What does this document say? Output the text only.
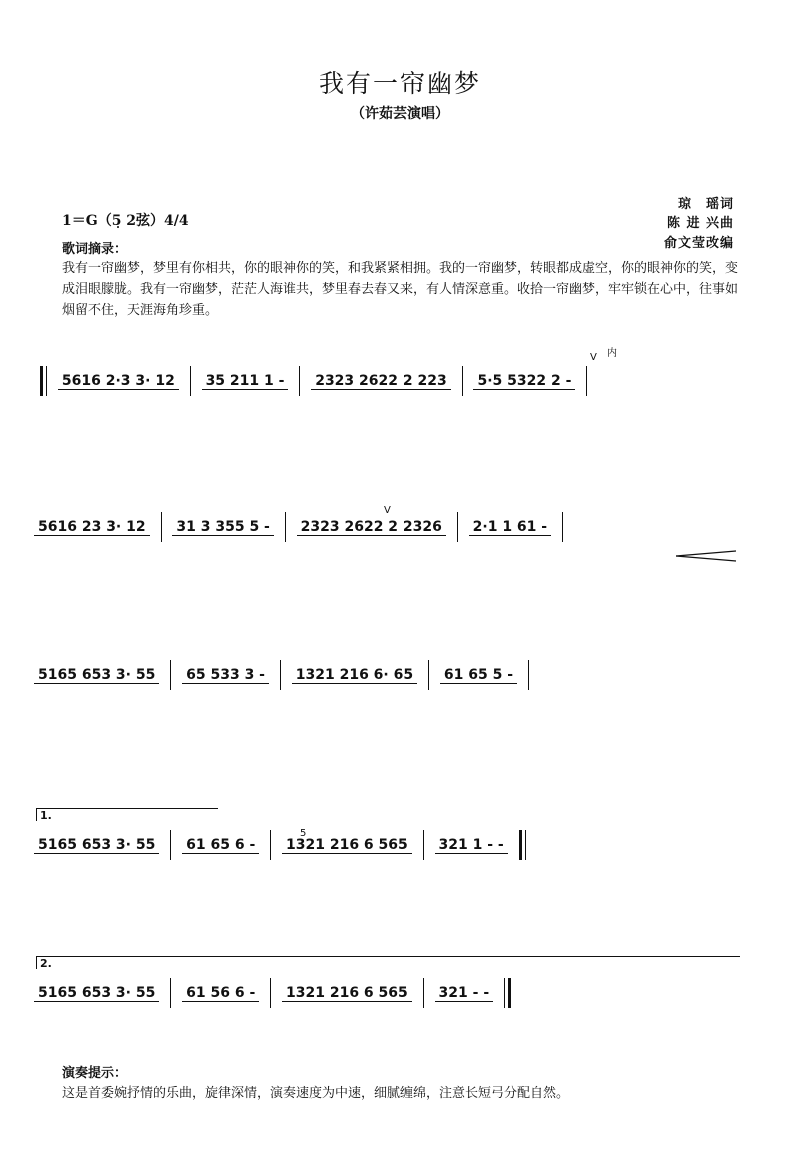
我有一帘幽梦
（许茹芸演唱）
琼　瑶词
陈 进 兴曲
俞文莹改编
1＝G（5̣ 2弦）4/4
歌词摘录：
我有一帘幽梦，梦里有你相共，你的眼神你的笑，和我紧紧相拥。我的一帘幽梦，转眼都成虚空，你的眼神你的笑，变成泪眼朦胧。我有一帘幽梦，茫茫人海谁共，梦里春去春又来，有人情深意重。收拾一帘幽梦，牢牢锁在心中，往事如烟留不住，天涯海角珍重。
5616 2·3 3· 12 35 211 1 - 2323 2622 2 223 5·5 5322 2 -
V 内
5616 23 3· 12 31 3 355 5 - 2323 2622 2 2326 2·1 1 61 -
V
5165 653 3· 55 65 533 3 - 1321 216 6· 65 61 65 5 -
1.
5165 653 3· 55 61 65 6 - 1321 216 6 565 321 1 - -
5
2.
5165 653 3· 55 61 56 6 - 1321 216 6 565 321 - -
演奏提示：
这是首委婉抒情的乐曲，旋律深情，演奏速度为中速，细腻缠绵，注意长短弓分配自然。
